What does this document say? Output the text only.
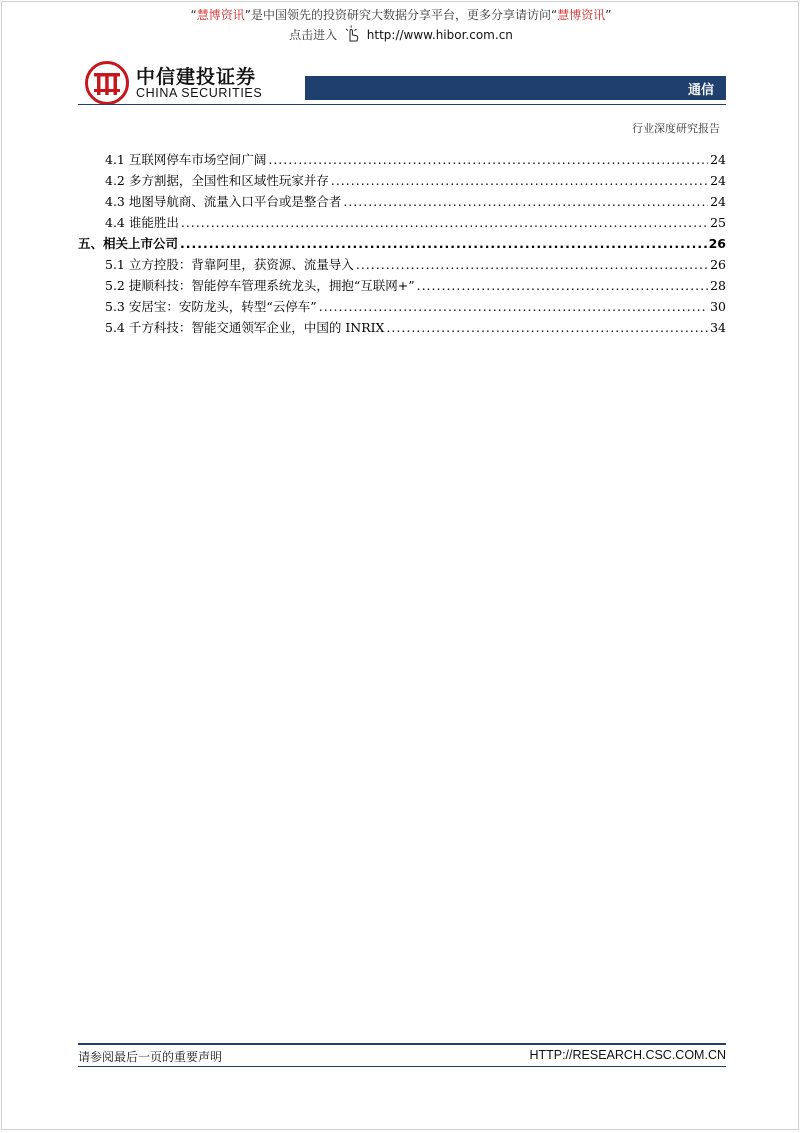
“慧博资讯”是中国领先的投资研究大数据分享平台，更多分享请访问“慧博资讯”
点击进入 http://www.hibor.com.cn
中信建投证券
CHINA SECURITIES	通信
行业深度研究报告
4.1 互联网停车市场空间广阔 .....	24
4.2 多方割据，全国性和区域性玩家并存 .....	24
4.3 地图导航商、流量入口平台或是整合者 .....	24
4.4 谁能胜出 .....	25
五、相关上市公司 .....	26
5.1 立方控股：背靠阿里，获资源、流量导入 .....	26
5.2 捷顺科技：智能停车管理系统龙头，拥抱“互联网+” .....	28
5.3 安居宝：安防龙头，转型“云停车” .....	30
5.4 千方科技：智能交通领军企业，中国的 INRIX .....	34
请参阅最后一页的重要声明	HTTP://RESEARCH.CSC.COM.CN
